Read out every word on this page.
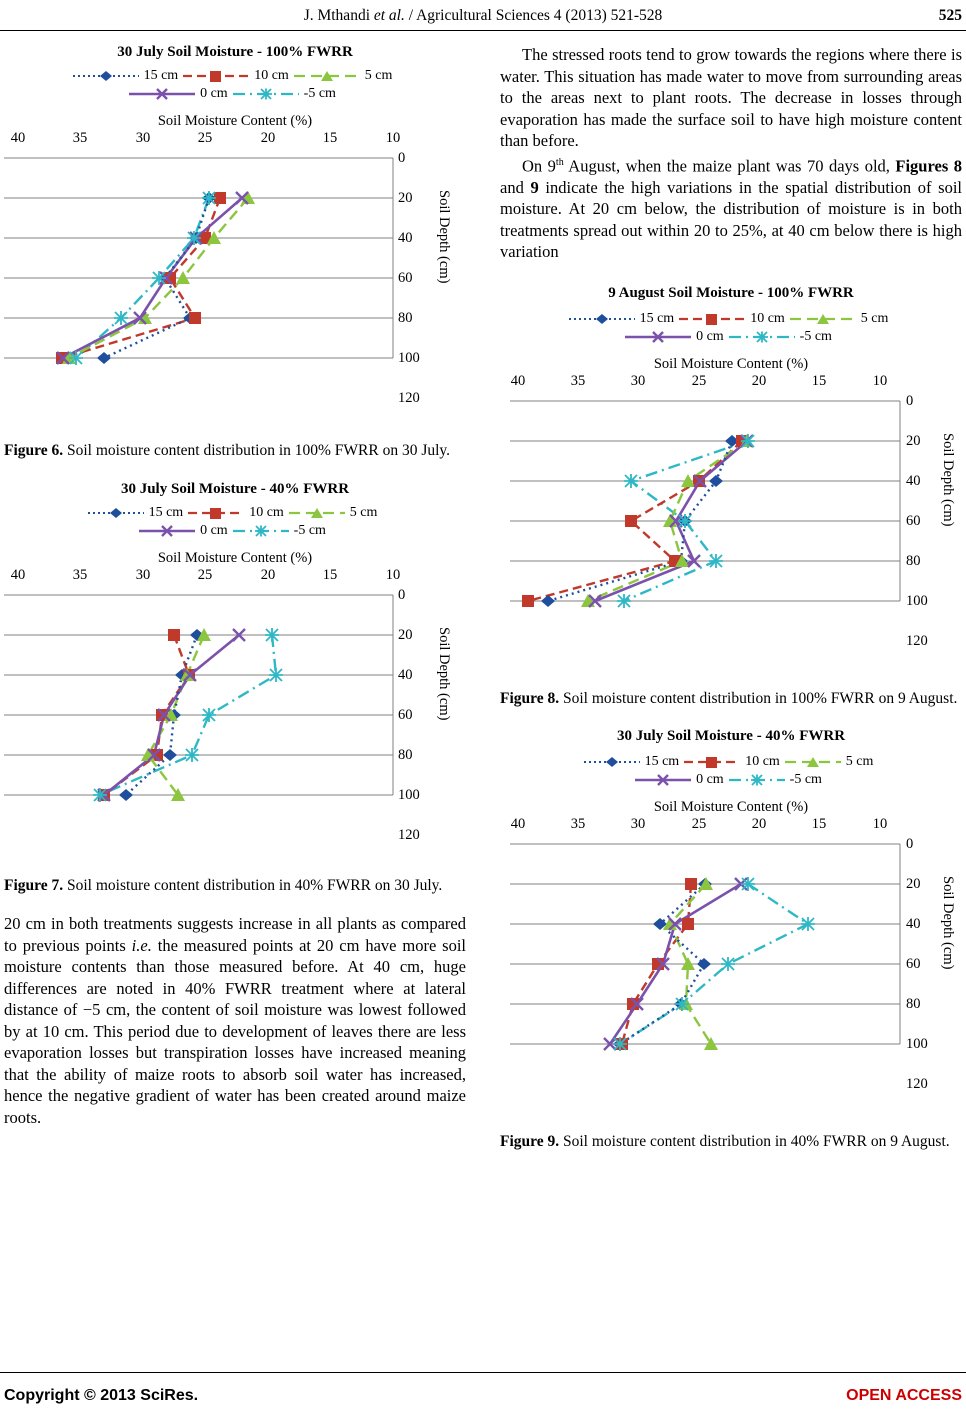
J. Mthandi et al. / Agricultural Sciences 4 (2013) 521-528	525
30 July Soil Moisture - 100% FWRR
15 cm	10 cm	5 cm
0 cm	-5 cm
Soil Moisture Content (%)
40	35	30	25	20	15	10
0
20
40
60
80
100
120
Soil Depth (cm)
Figure 6. Soil moisture content distribution in 100% FWRR on 30 July.
30 July Soil Moisture - 40% FWRR
15 cm	10 cm	5 cm
0 cm	-5 cm
Soil Moisture Content (%)
40	35	30	25	20	15	10
0
20
40
60
80
100
120
Soil Depth (cm)
Figure 7. Soil moisture content distribution in 40% FWRR on 30 July.

20 cm in both treatments suggests increase in all plants as compared to previous points i.e. the measured points at 20 cm have more soil moisture contents than those measured before. At 40 cm, huge differences are noted in 40% FWRR treatment where at lateral distance of −5 cm, the content of soil moisture was lowest followed by at 10 cm. This period due to development of leaves there are less evaporation losses but transpiration losses have increased meaning that the ability of maize roots to absorb soil water has increased, hence the negative gradient of water has been created around maize roots.

The stressed roots tend to grow towards the regions where there is water. This situation has made water to move from surrounding areas to the areas next to plant roots. The decrease in losses through evaporation has made the surface soil to have high moisture content than before.

On 9th August, when the maize plant was 70 days old, Figures 8 and 9 indicate the high variations in the spatial distribution of soil moisture. At 20 cm below, the distribution of moisture is in both treatments spread out within 20 to 25%, at 40 cm below there is high variation

9 August Soil Moisture - 100% FWRR
15 cm	10 cm	5 cm
0 cm	-5 cm
Soil Moisture Content (%)
40	35	30	25	20	15	10
0
20
40
60
80
100
120
Soil Depth (cm)
Figure 8. Soil moisture content distribution in 100% FWRR on 9 August.
30 July Soil Moisture - 40% FWRR
15 cm	10 cm	5 cm
0 cm	-5 cm
Soil Moisture Content (%)
40	35	30	25	20	15	10
0
20
40
60
80
100
120
Soil Depth (cm)
Figure 9. Soil moisture content distribution in 40% FWRR on 9 August.
Copyright © 2013 SciRes.	OPEN ACCESS
